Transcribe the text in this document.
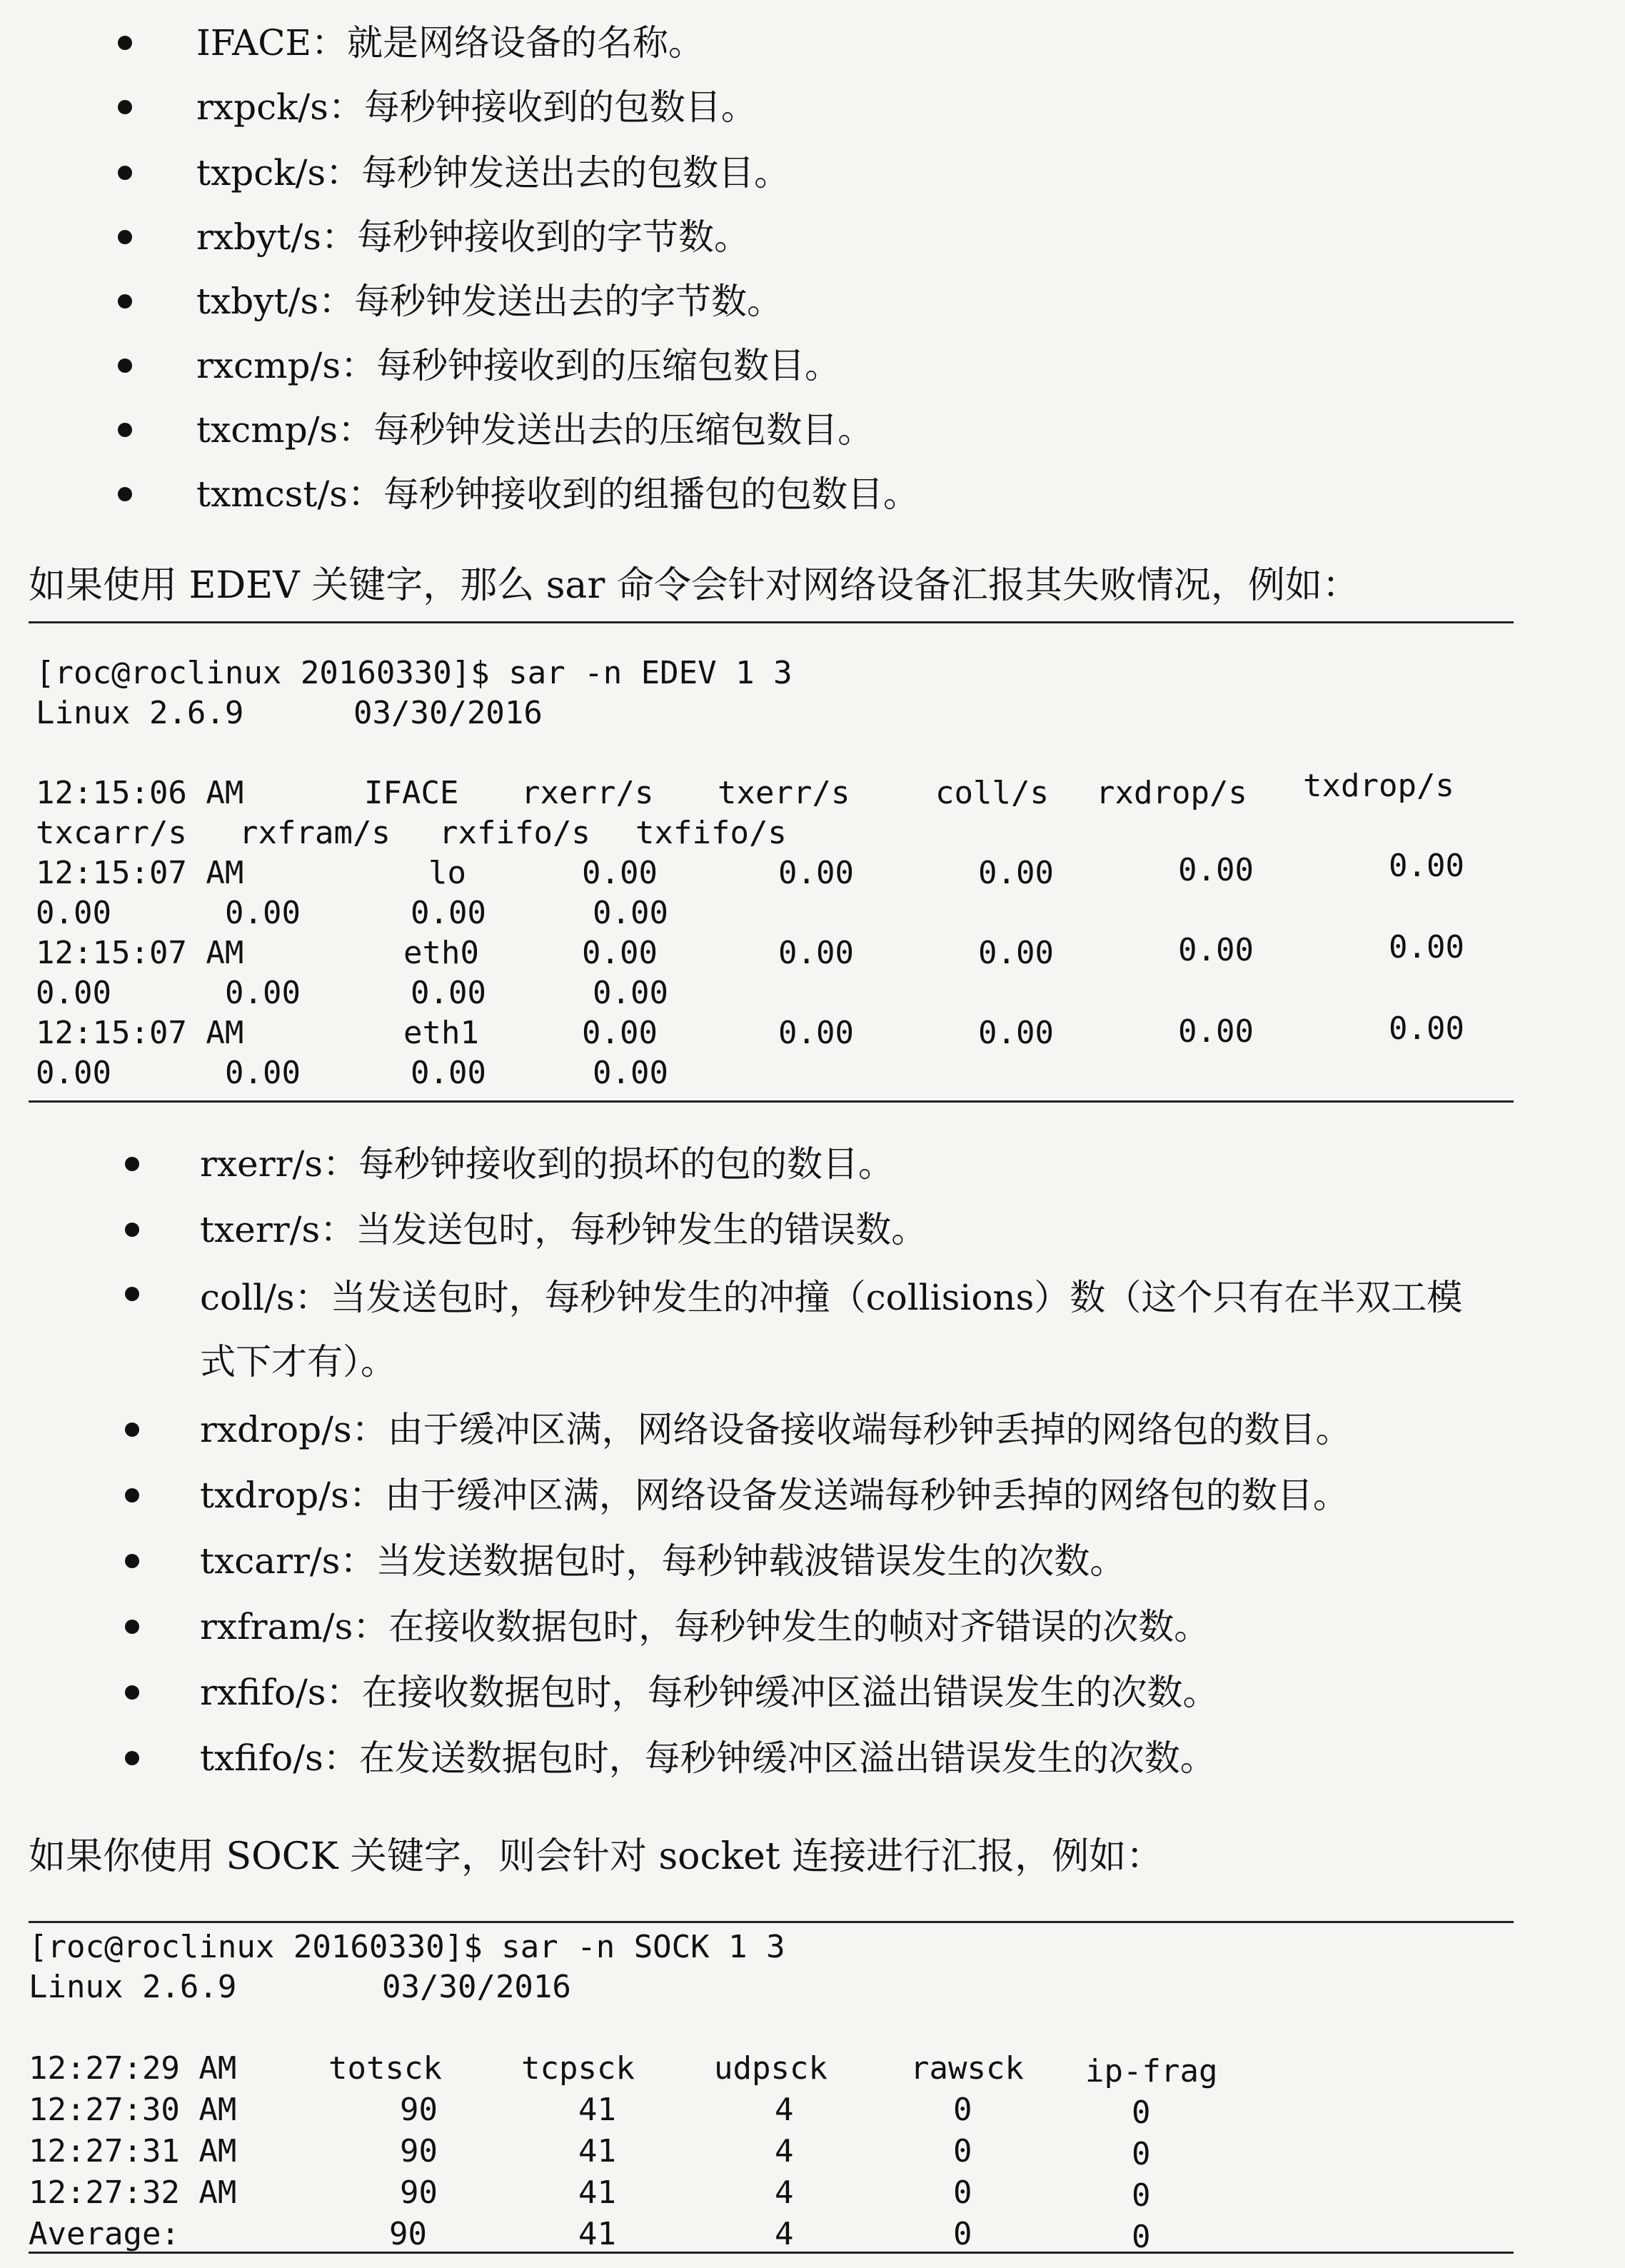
IFACE：就是网络设备的名称。
rxpck/s：每秒钟接收到的包数目。
txpck/s：每秒钟发送出去的包数目。
rxbyt/s：每秒钟接收到的字节数。
txbyt/s：每秒钟发送出去的字节数。
rxcmp/s：每秒钟接收到的压缩包数目。
txcmp/s：每秒钟发送出去的压缩包数目。
txmcst/s：每秒钟接收到的组播包的包数目。
如果使用 EDEV 关键字，那么 sar 命令会针对网络设备汇报其失败情况，例如：
[roc@roclinux 20160330]$ sar -n EDEV 1 3
Linux 2.6.9	03/30/2016
12:15:06 AM	IFACE rxerr/s txerr/s	coll/s rxdrop/s txdrop/s
txcarr/s rxfram/s rxfifo/s txfifo/s
12:15:07 AM	lo	0.00	0.00	0.00	0.00	0.00
0.00	0.00	0.00	0.00
12:15:07 AM	eth0	0.00	0.00	0.00	0.00	0.00
0.00	0.00	0.00	0.00
12:15:07 AM	eth1	0.00	0.00	0.00	0.00	0.00
0.00	0.00	0.00	0.00
rxerr/s：每秒钟接收到的损坏的包的数目。
txerr/s：当发送包时，每秒钟发生的错误数。
coll/s：当发送包时，每秒钟发生的冲撞（collisions）数（这个只有在半双工模式下才有）。
rxdrop/s：由于缓冲区满，网络设备接收端每秒钟丢掉的网络包的数目。
txdrop/s：由于缓冲区满，网络设备发送端每秒钟丢掉的网络包的数目。
txcarr/s：当发送数据包时，每秒钟载波错误发生的次数。
rxfram/s：在接收数据包时，每秒钟发生的帧对齐错误的次数。
rxfifo/s：在接收数据包时，每秒钟缓冲区溢出错误发生的次数。
txfifo/s：在发送数据包时，每秒钟缓冲区溢出错误发生的次数。
如果你使用 SOCK 关键字，则会针对 socket 连接进行汇报，例如：
[roc@roclinux 20160330]$ sar -n SOCK 1 3
Linux 2.6.9	03/30/2016
12:27:29 AM	totsck	tcpsck	udpsck	rawsck ip-frag
12:27:30 AM	90	41	4	0	0
12:27:31 AM	90	41	4	0	0
12:27:32 AM	90	41	4	0	0
Average:	90	41	4	0	0
